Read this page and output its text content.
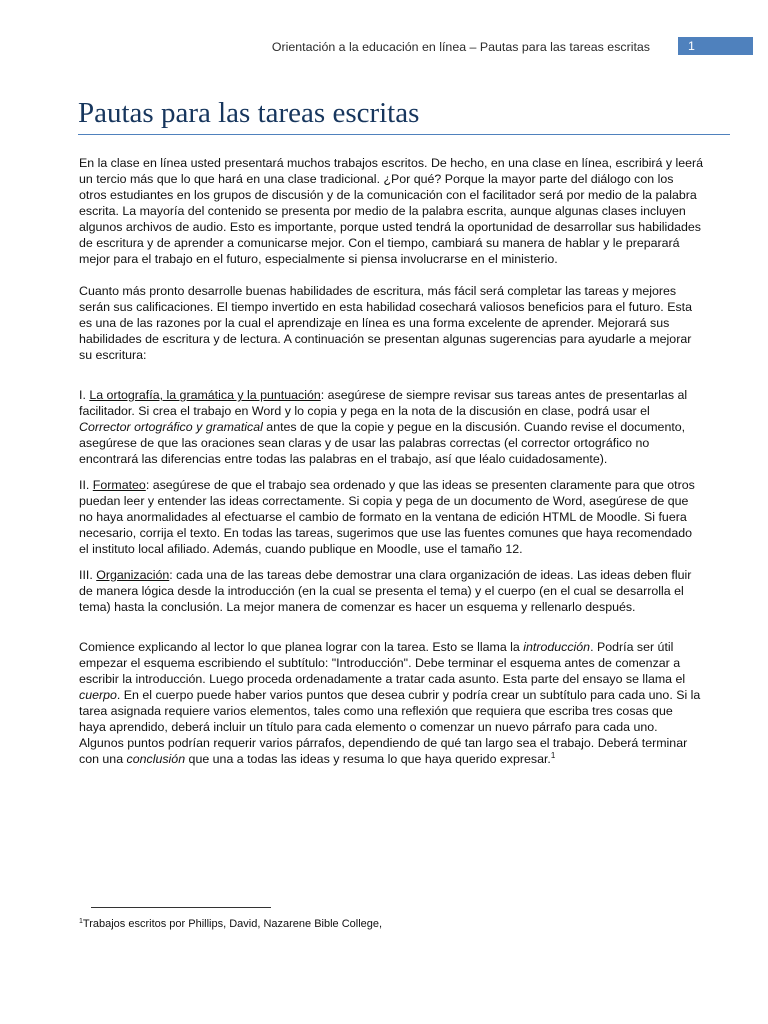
Orientación a la educación en línea – Pautas para las tareas escritas	1
Pautas para las tareas escritas

En la clase en línea usted presentará muchos trabajos escritos. De hecho, en una clase en línea, escribirá y leerá un tercio más que lo que hará en una clase tradicional. ¿Por qué? Porque la mayor parte del diálogo con los otros estudiantes en los grupos de discusión y de la comunicación con el facilitador será por medio de la palabra escrita. La mayoría del contenido se presenta por medio de la palabra escrita, aunque algunas clases incluyen algunos archivos de audio. Esto es importante, porque usted tendrá la oportunidad de desarrollar sus habilidades de escritura y de aprender a comunicarse mejor. Con el tiempo, cambiará su manera de hablar y le preparará mejor para el trabajo en el futuro, especialmente si piensa involucrarse en el ministerio.

Cuanto más pronto desarrolle buenas habilidades de escritura, más fácil será completar las tareas y mejores serán sus calificaciones. El tiempo invertido en esta habilidad cosechará valiosos beneficios para el futuro. Esta es una de las razones por la cual el aprendizaje en línea es una forma excelente de aprender. Mejorará sus habilidades de escritura y de lectura. A continuación se presentan algunas sugerencias para ayudarle a mejorar su escritura:

I. La ortografía, la gramática y la puntuación: asegúrese de siempre revisar sus tareas antes de presentarlas al facilitador. Si crea el trabajo en Word y lo copia y pega en la nota de la discusión en clase, podrá usar el Corrector ortográfico y gramatical antes de que la copie y pegue en la discusión. Cuando revise el documento, asegúrese de que las oraciones sean claras y de usar las palabras correctas (el corrector ortográfico no encontrará las diferencias entre todas las palabras en el trabajo, así que léalo cuidadosamente).

II. Formateo: asegúrese de que el trabajo sea ordenado y que las ideas se presenten claramente para que otros puedan leer y entender las ideas correctamente. Si copia y pega de un documento de Word, asegúrese de que no haya anormalidades al efectuarse el cambio de formato en la ventana de edición HTML de Moodle. Si fuera necesario, corrija el texto. En todas las tareas, sugerimos que use las fuentes comunes que haya recomendado el instituto local afiliado. Además, cuando publique en Moodle, use el tamaño 12.

III. Organización: cada una de las tareas debe demostrar una clara organización de ideas. Las ideas deben fluir de manera lógica desde la introducción (en la cual se presenta el tema) y el cuerpo (en el cual se desarrolla el tema) hasta la conclusión. La mejor manera de comenzar es hacer un esquema y rellenarlo después.

Comience explicando al lector lo que planea lograr con la tarea. Esto se llama la introducción. Podría ser útil empezar el esquema escribiendo el subtítulo: "Introducción". Debe terminar el esquema antes de comenzar a escribir la introducción. Luego proceda ordenadamente a tratar cada asunto. Esta parte del ensayo se llama el cuerpo. En el cuerpo puede haber varios puntos que desea cubrir y podría crear un subtítulo para cada uno. Si la tarea asignada requiere varios elementos, tales como una reflexión que requiera que escriba tres cosas que haya aprendido, deberá incluir un título para cada elemento o comenzar un nuevo párrafo para cada uno. Algunos puntos podrían requerir varios párrafos, dependiendo de qué tan largo sea el trabajo. Deberá terminar con una conclusión que una a todas las ideas y resuma lo que haya querido expresar.$^1$

$^1$Trabajos escritos por Phillips, David, Nazarene Bible College,
